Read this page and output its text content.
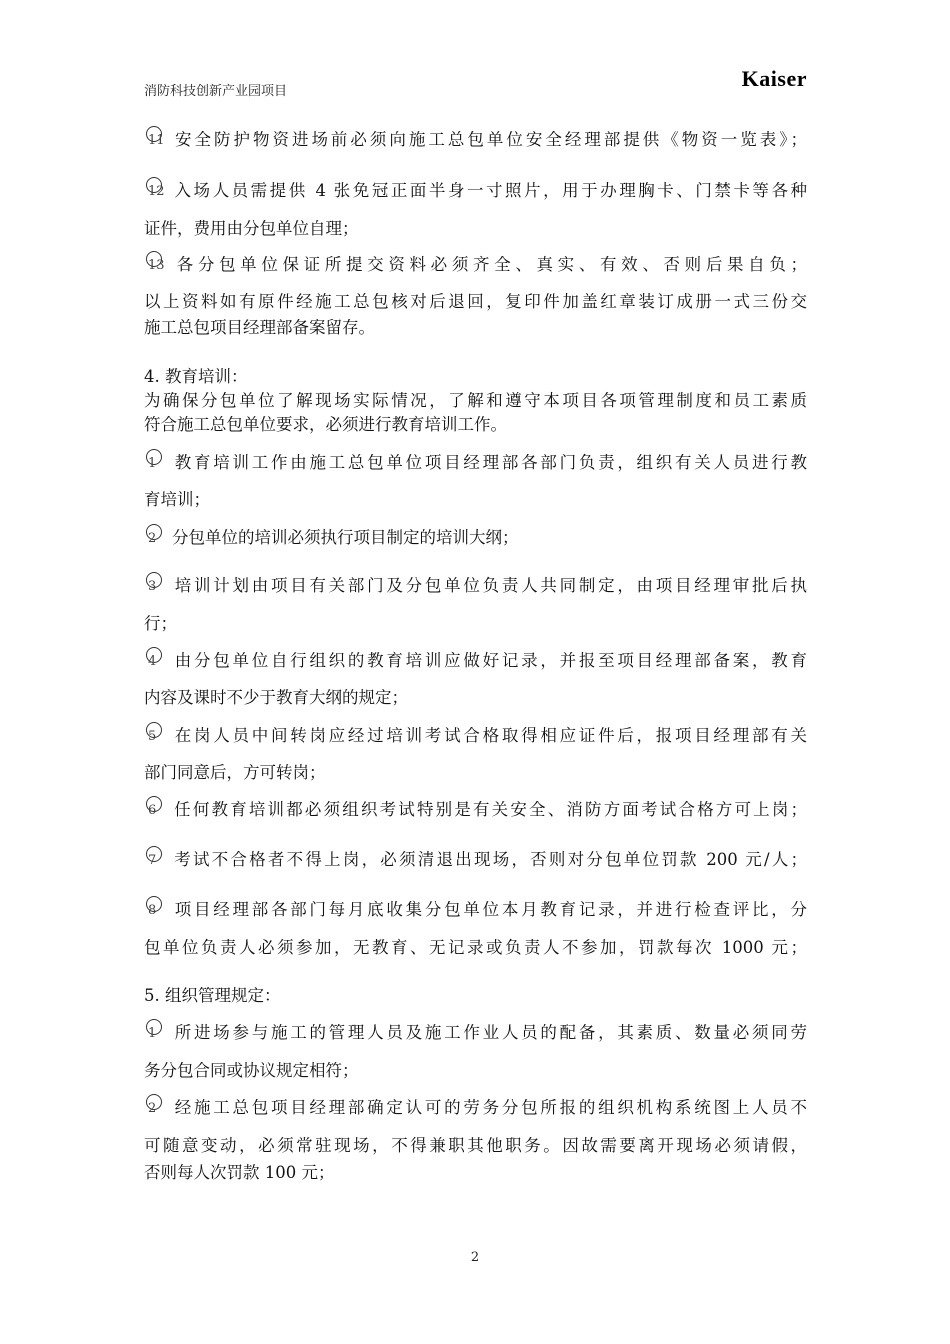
消防科技创新产业园项目
Kaiser
11 安全防护物资进场前必须向施工总包单位安全经理部提供《物资一览表》；
12 入场人员需提供 4 张免冠正面半身一寸照片，用于办理胸卡、门禁卡等各种
证件，费用由分包单位自理；
13 各分包单位保证所提交资料必须齐全、真实、有效、否则后果自负；
以上资料如有原件经施工总包核对后退回，复印件加盖红章装订成册一式三份交
施工总包项目经理部备案留存。
4. 教育培训：
为确保分包单位了解现场实际情况，了解和遵守本项目各项管理制度和员工素质
符合施工总包单位要求，必须进行教育培训工作。
1 教育培训工作由施工总包单位项目经理部各部门负责，组织有关人员进行教
育培训；
2 分包单位的培训必须执行项目制定的培训大纲；
3 培训计划由项目有关部门及分包单位负责人共同制定，由项目经理审批后执
行；
4 由分包单位自行组织的教育培训应做好记录，并报至项目经理部备案，教育
内容及课时不少于教育大纲的规定；
5 在岗人员中间转岗应经过培训考试合格取得相应证件后，报项目经理部有关
部门同意后，方可转岗；
6 任何教育培训都必须组织考试特别是有关安全、消防方面考试合格方可上岗；
7 考试不合格者不得上岗，必须清退出现场，否则对分包单位罚款 200 元/人；
8 项目经理部各部门每月底收集分包单位本月教育记录，并进行检查评比，分
包单位负责人必须参加，无教育、无记录或负责人不参加，罚款每次 1000 元；
5. 组织管理规定：
1 所进场参与施工的管理人员及施工作业人员的配备，其素质、数量必须同劳
务分包合同或协议规定相符；
2 经施工总包项目经理部确定认可的劳务分包所报的组织机构系统图上人员不
可随意变动，必须常驻现场，不得兼职其他职务。因故需要离开现场必须请假，
否则每人次罚款 100 元；
2
